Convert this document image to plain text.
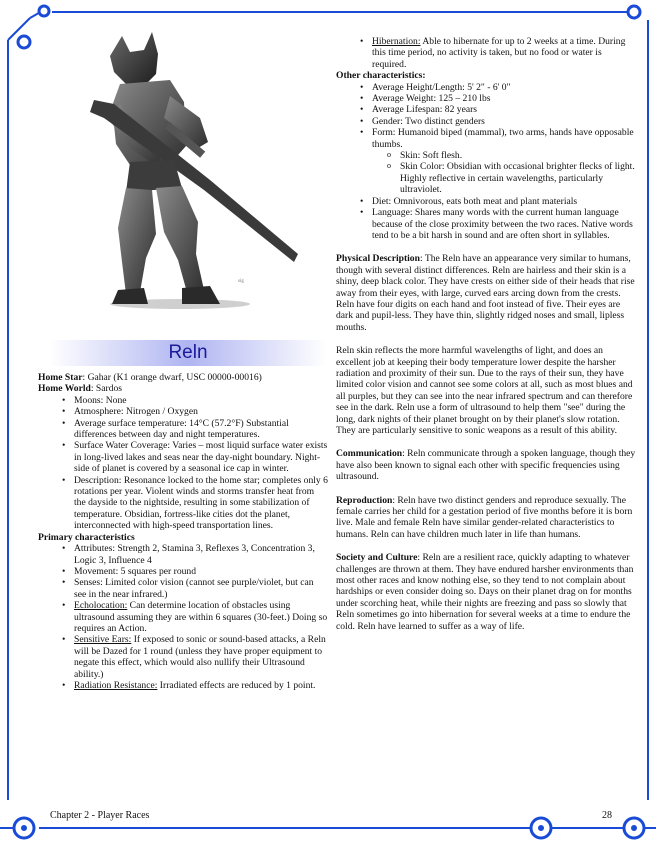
sig
Reln
Home Star: Gahar (K1 orange dwarf, USC 00000-00016)
Home World: Sardos
• Moons: None
• Atmosphere: Nitrogen / Oxygen
• Average surface temperature: 14°C (57.2°F) Substantial differences between day and night temperatures.
• Surface Water Coverage: Varies – most liquid surface water exists in long-lived lakes and seas near the day-night boundary. Night-side of planet is covered by a seasonal ice cap in winter.
• Description: Resonance locked to the home star; completes only 6 rotations per year. Violent winds and storms transfer heat from the dayside to the nightside, resulting in some stabilization of temperature. Obsidian, fortress-like cities dot the planet, interconnected with high-speed transportation lines.
Primary characteristics
• Attributes: Strength 2, Stamina 3, Reflexes 3, Concentration 3, Logic 3, Influence 4
• Movement: 5 squares per round
• Senses: Limited color vision (cannot see purple/violet, but can see in the near infrared.)
• Echolocation: Can determine location of obstacles using ultrasound assuming they are within 6 squares (30-feet.) Doing so requires an Action.
• Sensitive Ears: If exposed to sonic or sound-based attacks, a Reln will be Dazed for 1 round (unless they have proper equipment to negate this effect, which would also nullify their Ultrasound ability.)
• Radiation Resistance: Irradiated effects are reduced by 1 point.
• Hibernation: Able to hibernate for up to 2 weeks at a time. During this time period, no activity is taken, but no food or water is required.
Other characteristics:
• Average Height/Length: 5' 2" - 6' 0"
• Average Weight: 125 – 210 lbs
• Average Lifespan: 82 years
• Gender: Two distinct genders
• Form: Humanoid biped (mammal), two arms, hands have opposable thumbs.
o Skin: Soft flesh.
o Skin Color: Obsidian with occasional brighter flecks of light. Highly reflective in certain wavelengths, particularly ultraviolet.
• Diet: Omnivorous, eats both meat and plant materials
• Language: Shares many words with the current human language because of the close proximity between the two races. Native words tend to be a bit harsh in sound and are often short in syllables.

Physical Description: The Reln have an appearance very similar to humans, though with several distinct differences. Reln are hairless and their skin is a shiny, deep black color. They have crests on either side of their heads that rise away from their eyes, with large, curved ears arcing down from the crests. Reln have four digits on each hand and foot instead of five. Their eyes are dark and pupil-less. They have thin, slightly ridged noses and small, lipless mouths.

Reln skin reflects the more harmful wavelengths of light, and does an excellent job at keeping their body temperature lower despite the harsher radiation and proximity of their sun. Due to the rays of their sun, they have limited color vision and cannot see some colors at all, such as most blues and all purples, but they can see into the near infrared spectrum and can therefore see in the dark. Reln use a form of ultrasound to help them "see" during the long, dark nights of their planet brought on by their planet's slow rotation. They are particularly sensitive to sonic weapons as a result of this ability.

Communication: Reln communicate through a spoken language, though they have also been known to signal each other with specific frequencies using ultrasound.

Reproduction: Reln have two distinct genders and reproduce sexually. The female carries her child for a gestation period of five months before it is born live. Male and female Reln have similar gender-related characteristics to humans. Reln can have children much later in life than humans.

Society and Culture: Reln are a resilient race, quickly adapting to whatever challenges are thrown at them. They have endured harsher environments than most other races and know nothing else, so they tend to not complain about hardships or even consider doing so. Days on their planet drag on for months under scorching heat, while their nights are freezing and pass so slowly that Reln sometimes go into hibernation for several weeks at a time to endure the cold. Reln have learned to suffer as a way of life.

Chapter 2 - Player Races	28
